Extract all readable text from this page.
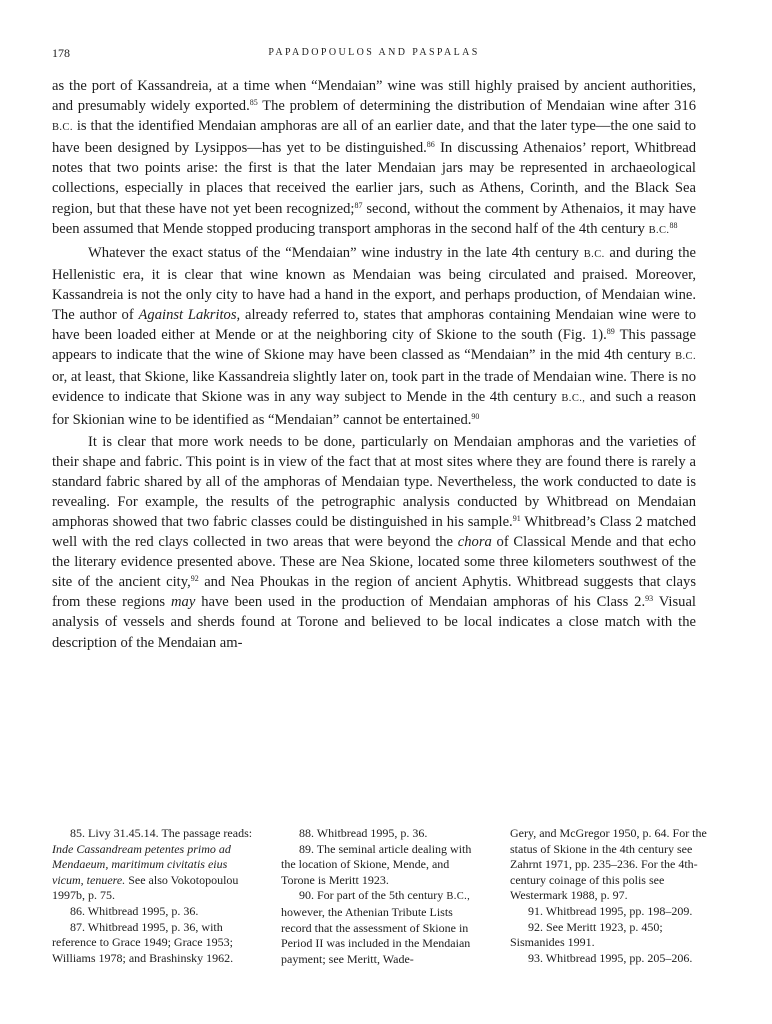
178	PAPADOPOULOS AND PASPALAS

as the port of Kassandreia, at a time when “Mendaian” wine was still highly praised by ancient authorities, and presumably widely exported.$^{85}$ The problem of determining the distribution of Mendaian wine after 316 B.C. is that the identified Mendaian amphoras are all of an earlier date, and that the later type—the one said to have been designed by Lysippos—has yet to be distinguished.$^{86}$ In discussing Athenaios’ report, Whitbread notes that two points arise: the first is that the later Mendaian jars may be represented in archaeological collections, especially in places that received the earlier jars, such as Athens, Corinth, and the Black Sea region, but that these have not yet been recognized;$^{87}$ second, without the comment by Athenaios, it may have been assumed that Mende stopped producing transport amphoras in the second half of the 4th century B.C.$^{88}$

Whatever the exact status of the “Mendaian” wine industry in the late 4th century B.C. and during the Hellenistic era, it is clear that wine known as Mendaian was being circulated and praised. Moreover, Kassandreia is not the only city to have had a hand in the export, and perhaps production, of Mendaian wine. The author of Against Lakritos, already referred to, states that amphoras containing Mendaian wine were to have been loaded either at Mende or at the neighboring city of Skione to the south (Fig. 1).$^{89}$ This passage appears to indicate that the wine of Skione may have been classed as “Mendaian” in the mid 4th century B.C. or, at least, that Skione, like Kassandreia slightly later on, took part in the trade of Mendaian wine. There is no evidence to indicate that Skione was in any way subject to Mende in the 4th century B.C., and such a reason for Skionian wine to be identified as “Mendaian” cannot be entertained.$^{90}$

It is clear that more work needs to be done, particularly on Mendaian amphoras and the varieties of their shape and fabric. This point is in view of the fact that at most sites where they are found there is rarely a standard fabric shared by all of the amphoras of Mendaian type. Nevertheless, the work conducted to date is revealing. For example, the results of the petrographic analysis conducted by Whitbread on Mendaian amphoras showed that two fabric classes could be distinguished in his sample.$^{91}$ Whitbread’s Class 2 matched well with the red clays collected in two areas that were beyond the chora of Classical Mende and that echo the literary evidence presented above. These are Nea Skione, located some three kilometers southwest of the site of the ancient city,$^{92}$ and Nea Phoukas in the region of ancient Aphytis. Whitbread suggests that clays from these regions may have been used in the production of Mendaian amphoras of his Class 2.93 Visual analysis of vessels and sherds found at Torone and believed to be local indicates a close match with the description of the Mendaian am-

85. Livy 31.45.14. The passage reads: Inde Cassandream petentes primo ad Mendaeum, maritimum civitatis eius vicum, tenuere. See also Vokotopoulou 1997b, p. 75.

86. Whitbread 1995, p. 36.

87. Whitbread 1995, p. 36, with reference to Grace 1949; Grace 1953; Williams 1978; and Brashinsky 1962.

88. Whitbread 1995, p. 36.

89. The seminal article dealing with the location of Skione, Mende, and Torone is Meritt 1923.

90. For part of the 5th century B.C., however, the Athenian Tribute Lists record that the assessment of Skione in Period II was included in the Mendaian payment; see Meritt, Wade-

Gery, and McGregor 1950, p. 64. For the status of Skione in the 4th century see Zahrnt 1971, pp. 235–236. For the 4th-century coinage of this polis see Westermark 1988, p. 97.

91. Whitbread 1995, pp. 198–209.

92. See Meritt 1923, p. 450; Sismanides 1991.

93. Whitbread 1995, pp. 205–206.
